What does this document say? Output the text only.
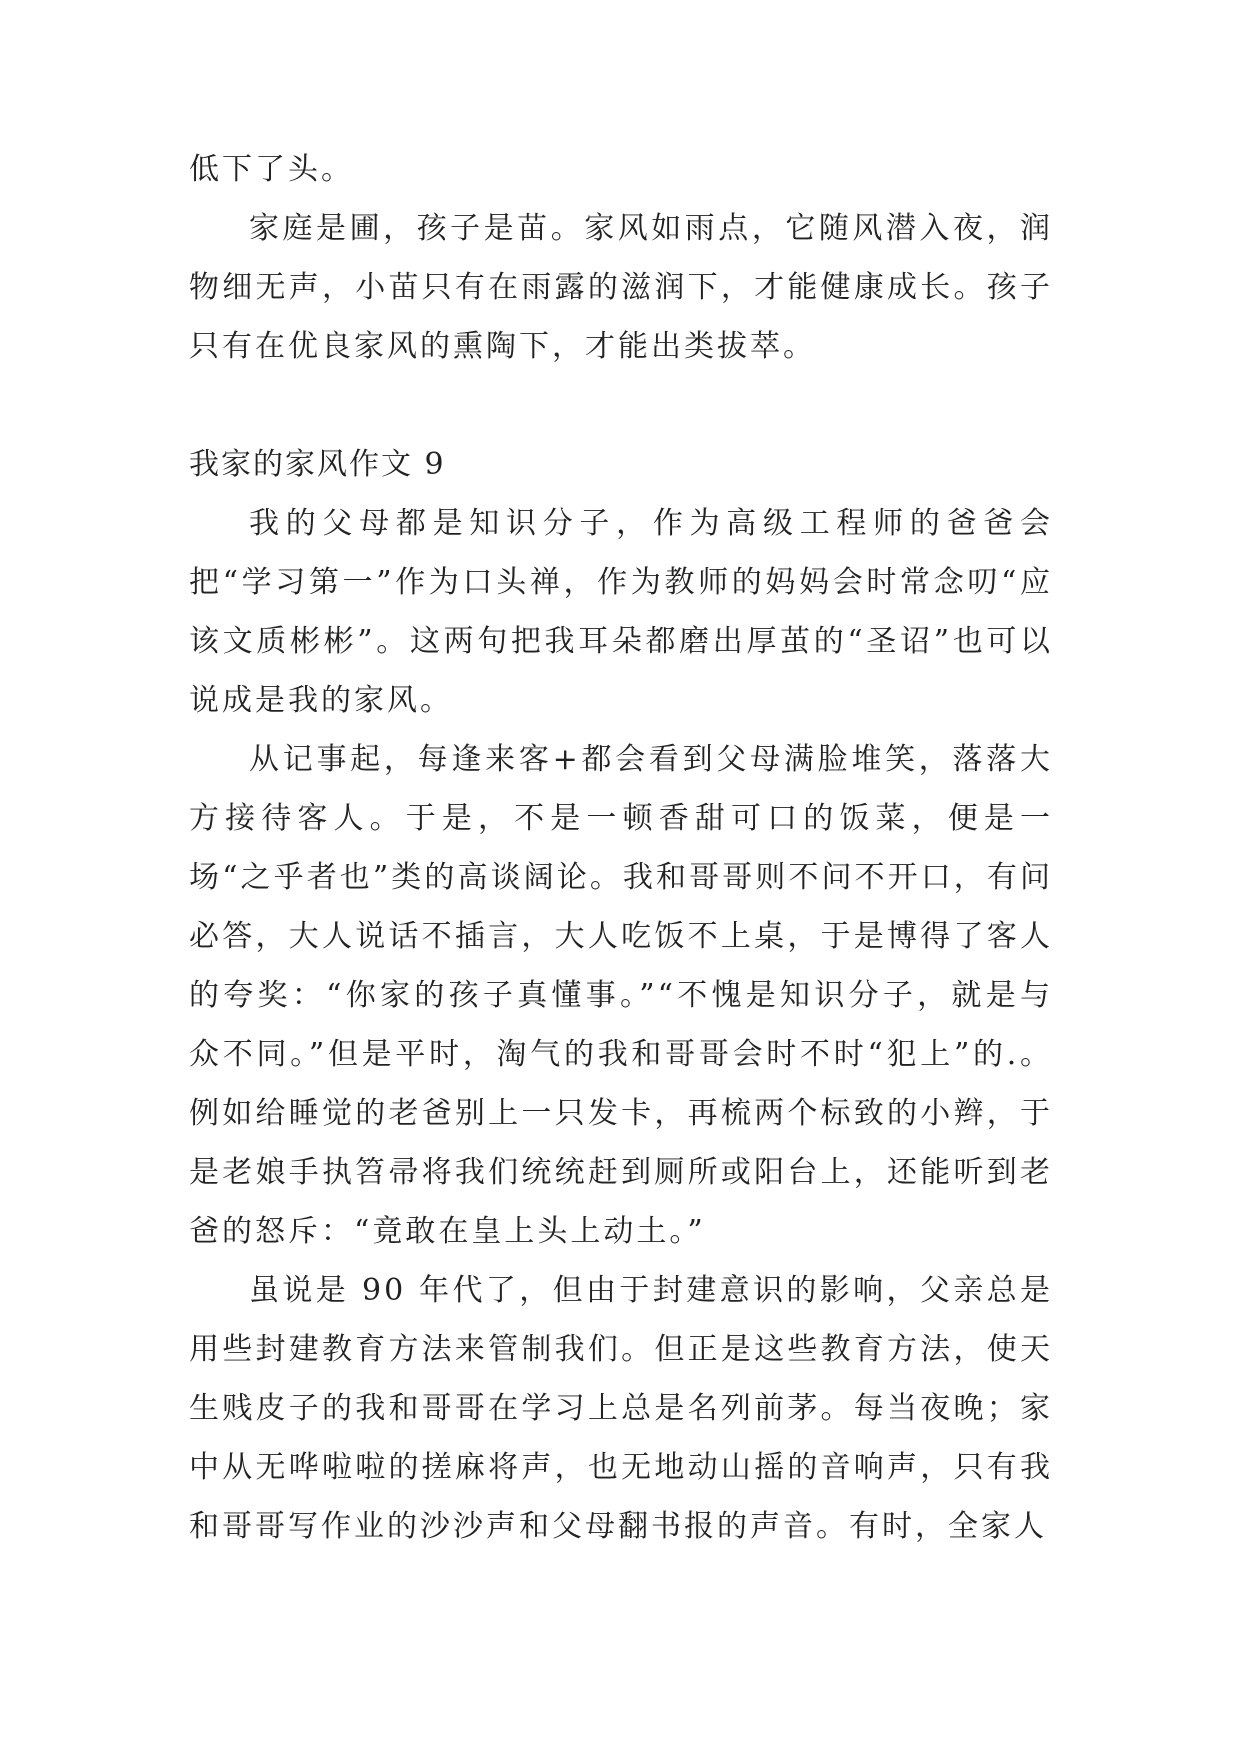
低下了头。

家庭是圃，孩子是苗。家风如雨点，它随风潜入夜，润物细无声，小苗只有在雨露的滋润下，才能健康成长。孩子只有在优良家风的熏陶下，才能出类拔萃。

我家的家风作文 9

我的父母都是知识分子，作为高级工程师的爸爸会把“学习第一”作为口头禅，作为教师的妈妈会时常念叨“应该文质彬彬”。这两句把我耳朵都磨出厚茧的“圣诏”也可以说成是我的家风。

从记事起，每逢来客+都会看到父母满脸堆笑，落落大方接待客人。于是，不是一顿香甜可口的饭菜，便是一场“之乎者也”类的高谈阔论。我和哥哥则不问不开口，有问必答，大人说话不插言，大人吃饭不上桌，于是博得了客人的夸奖：“你家的孩子真懂事。”“不愧是知识分子，就是与众不同。”但是平时，淘气的我和哥哥会时不时“犯上”的.。例如给睡觉的老爸别上一只发卡，再梳两个标致的小辫，于是老娘手执笤帚将我们统统赶到厕所或阳台上，还能听到老爸的怒斥：“竟敢在皇上头上动土。”

虽说是 90 年代了，但由于封建意识的影响，父亲总是用些封建教育方法来管制我们。但正是这些教育方法，使天生贱皮子的我和哥哥在学习上总是名列前茅。每当夜晚；家中从无哗啦啦的搓麻将声，也无地动山摇的音响声，只有我和哥哥写作业的沙沙声和父母翻书报的声音。有时，全家人
